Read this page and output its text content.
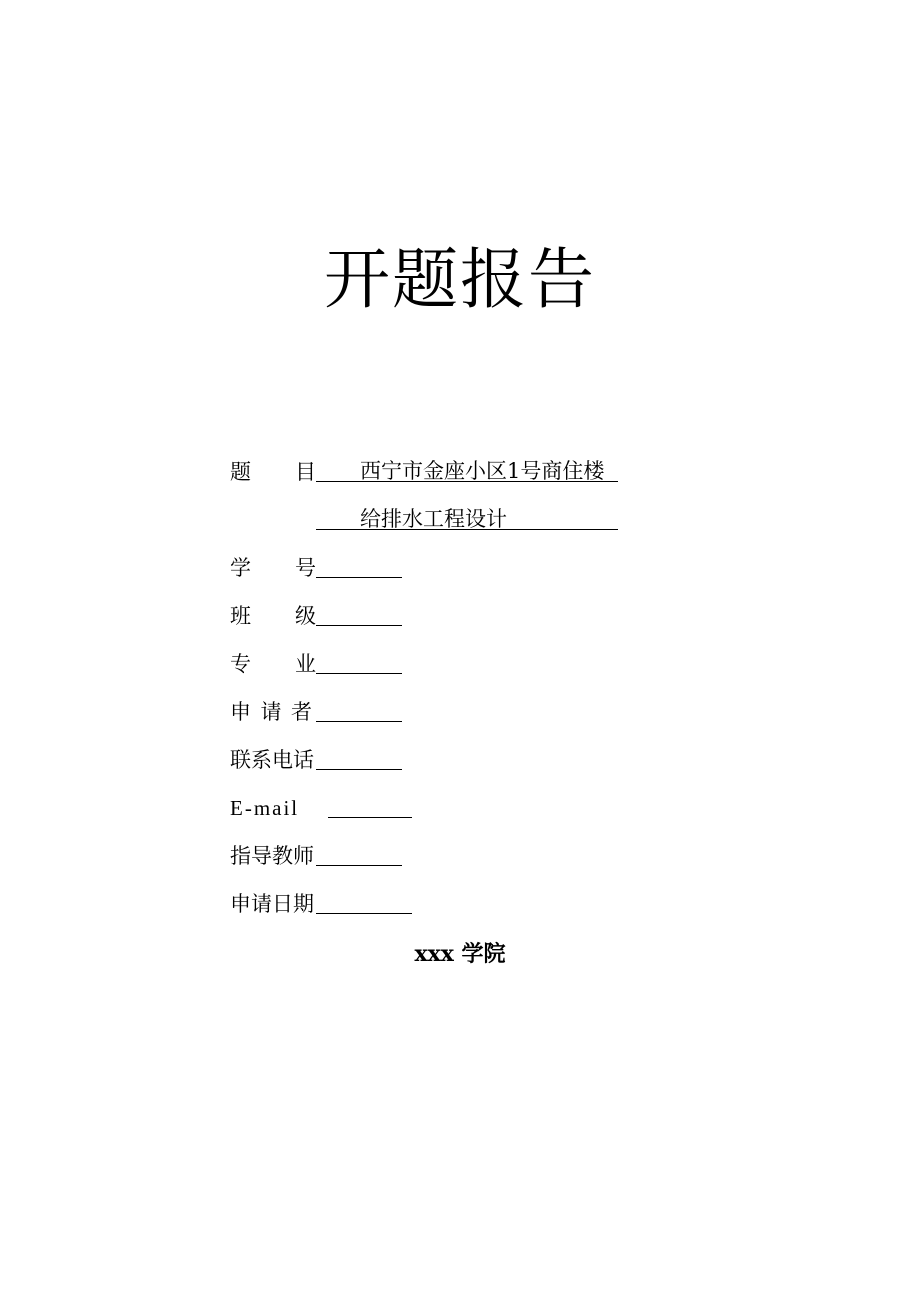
开题报告
题 目 西宁市金座小区1号商住楼
给排水工程设计
学 号
班 级
专 业
申 请 者
联系电话
E-mail
指导教师
申请日期
xxx 学院
